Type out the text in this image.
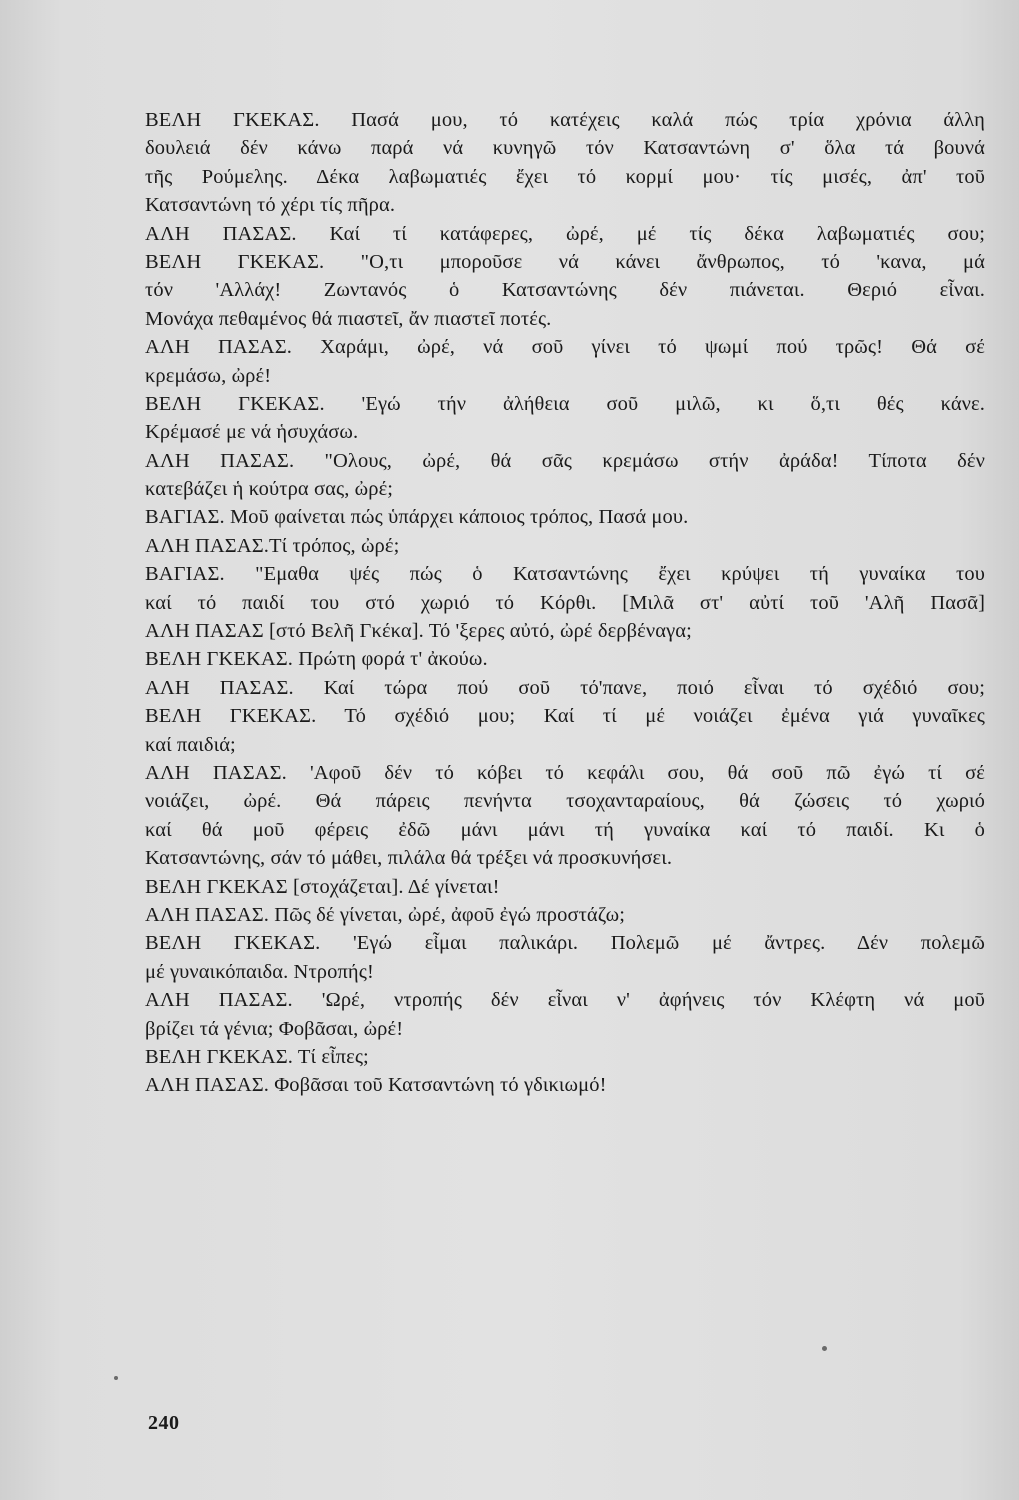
ΒΕΛΗ ΓΚΕΚΑΣ. Πασά μου, τό κατέχεις καλά πώς τρία χρόνια άλλη
δουλειά δέν κάνω παρά νά κυνηγῶ τόν Κατσαντώνη σ' ὅλα τά βουνά
τῆς Ρούμελης. Δέκα λαβωματιές ἔχει τό κορμί μου· τίς μισές, ἀπ' τοῦ
Κατσαντώνη τό χέρι τίς πῆρα.
ΑΛΗ ΠΑΣΑΣ. Καί τί κατάφερες, ὠρέ, μέ τίς δέκα λαβωματιές σου;
ΒΕΛΗ ΓΚΕΚΑΣ. "Ο,τι μποροῦσε νά κάνει ἄνθρωπος, τό 'κανα, μά
τόν 'Αλλάχ! Ζωντανός ὁ Κατσαντώνης δέν πιάνεται. Θεριό εἶναι.
Μονάχα πεθαμένος θά πιαστεῖ, ἄν πιαστεῖ ποτές.
ΑΛΗ ΠΑΣΑΣ. Χαράμι, ὠρέ, νά σοῦ γίνει τό ψωμί πού τρῶς! Θά σέ
κρεμάσω, ὠρέ!
ΒΕΛΗ ΓΚΕΚΑΣ. 'Εγώ τήν ἀλήθεια σοῦ μιλῶ, κι ὅ,τι θές κάνε.
Κρέμασέ με νά ἡσυχάσω.
ΑΛΗ ΠΑΣΑΣ. "Ολους, ὠρέ, θά σᾶς κρεμάσω στήν ἀράδα! Τίποτα δέν
κατεβάζει ἡ κούτρα σας, ὠρέ;
ΒΑΓΙΑΣ. Μοῦ φαίνεται πώς ὑπάρχει κάποιος τρόπος, Πασά μου.
ΑΛΗ ΠΑΣΑΣ.Τί τρόπος, ὠρέ;
ΒΑΓΙΑΣ. "Εμαθα ψές πώς ὁ Κατσαντώνης ἔχει κρύψει τή γυναίκα του
καί τό παιδί του στό χωριό τό Κόρθι. [Μιλᾶ στ' αὐτί τοῦ 'Αλῆ Πασᾶ]
ΑΛΗ ΠΑΣΑΣ [στό Βελῆ Γκέκα]. Τό 'ξερες αὐτό, ὠρέ δερβέναγα;
ΒΕΛΗ ΓΚΕΚΑΣ. Πρώτη φορά τ' ἀκούω.
ΑΛΗ ΠΑΣΑΣ. Καί τώρα πού σοῦ τό'πανε, ποιό εἶναι τό σχέδιό σου;
ΒΕΛΗ ΓΚΕΚΑΣ. Τό σχέδιό μου; Καί τί μέ νοιάζει ἐμένα γιά γυναῖκες
καί παιδιά;
ΑΛΗ ΠΑΣΑΣ. 'Αφοῦ δέν τό κόβει τό κεφάλι σου, θά σοῦ πῶ ἐγώ τί σέ
νοιάζει, ὠρέ. Θά πάρεις πενήντα τσοχανταραίους, θά ζώσεις τό χωριό
καί θά μοῦ φέρεις ἐδῶ μάνι μάνι τή γυναίκα καί τό παιδί. Κι ὁ
Κατσαντώνης, σάν τό μάθει, πιλάλα θά τρέξει νά προσκυνήσει.
ΒΕΛΗ ΓΚΕΚΑΣ [στοχάζεται]. Δέ γίνεται!
ΑΛΗ ΠΑΣΑΣ. Πῶς δέ γίνεται, ὠρέ, ἀφοῦ ἐγώ προστάζω;
ΒΕΛΗ ΓΚΕΚΑΣ. 'Εγώ εἶμαι παλικάρι. Πολεμῶ μέ ἄντρες. Δέν πολεμῶ
μέ γυναικόπαιδα. Ντροπής!
ΑΛΗ ΠΑΣΑΣ. 'Ωρέ, ντροπής δέν εἶναι ν' ἀφήνεις τόν Κλέφτη νά μοῦ
βρίζει τά γένια; Φοβᾶσαι, ὠρέ!
ΒΕΛΗ ΓΚΕΚΑΣ. Τί εἶπες;
ΑΛΗ ΠΑΣΑΣ. Φοβᾶσαι τοῦ Κατσαντώνη τό γδικιωμό!
240
